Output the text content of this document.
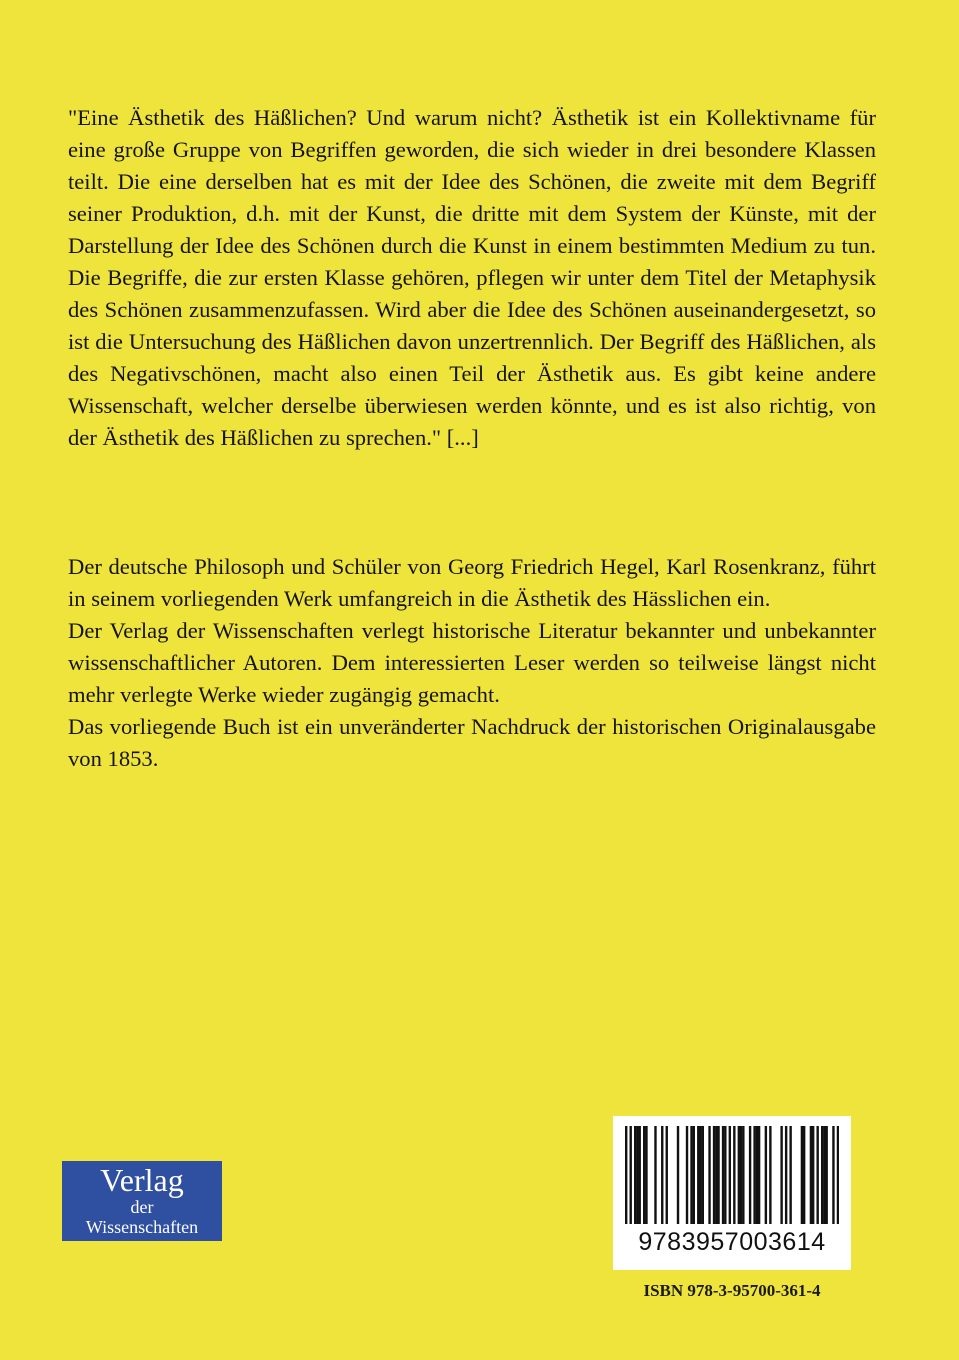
"Eine Ästhetik des Häßlichen? Und warum nicht? Ästhetik ist ein Kollektivname für eine große Gruppe von Begriffen geworden, die sich wieder in drei besondere Klassen teilt. Die eine derselben hat es mit der Idee des Schönen, die zweite mit dem Begriff seiner Produktion, d.h. mit der Kunst, die dritte mit dem System der Künste, mit der Darstellung der Idee des Schönen durch die Kunst in einem bestimmten Medium zu tun. Die Begriffe, die zur ersten Klasse gehören, pflegen wir unter dem Titel der Metaphysik des Schönen zusammenzufassen. Wird aber die Idee des Schönen auseinandergesetzt, so ist die Untersuchung des Häßlichen davon unzertrennlich. Der Begriff des Häßlichen, als des Negativschönen, macht also einen Teil der Ästhetik aus. Es gibt keine andere Wissenschaft, welcher derselbe überwiesen werden könnte, und es ist also richtig, von der Ästhetik des Häßlichen zu sprechen." [...]

Der deutsche Philosoph und Schüler von Georg Friedrich Hegel, Karl Rosenkranz, führt in seinem vorliegenden Werk umfangreich in die Ästhetik des Hässlichen ein.

Der Verlag der Wissenschaften verlegt historische Literatur bekannter und unbekannter wissenschaftlicher Autoren. Dem interessierten Leser werden so teilweise längst nicht mehr verlegte Werke wieder zugängig gemacht.

Das vorliegende Buch ist ein unveränderter Nachdruck der historischen Originalausgabe von 1853.

Verlag
der
Wissenschaften
9783957003614
ISBN 978-3-95700-361-4
